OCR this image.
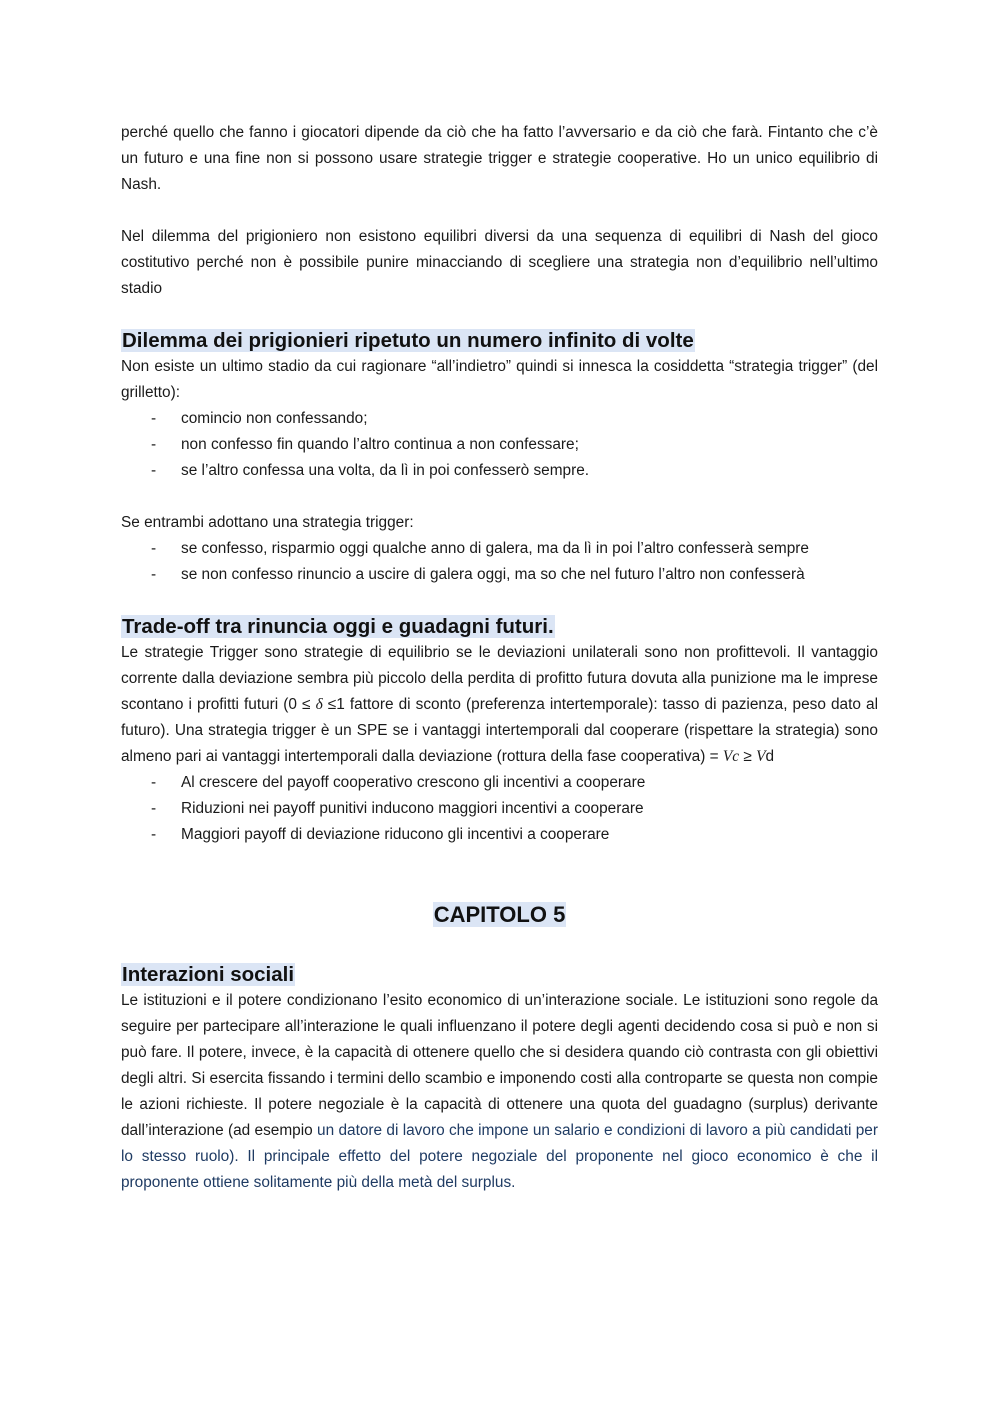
perché quello che fanno i giocatori dipende da ciò che ha fatto l’avversario e da ciò che farà. Fintanto che c’è un futuro e una fine non si possono usare strategie trigger e strategie cooperative. Ho un unico equilibrio di Nash.

Nel dilemma del prigioniero non esistono equilibri diversi da una sequenza di equilibri di Nash del gioco costitutivo perché non è possibile punire minacciando di scegliere una strategia non d’equilibrio nell’ultimo stadio

Dilemma dei prigionieri ripetuto un numero infinito di volte

Non esiste un ultimo stadio da cui ragionare “all’indietro” quindi si innesca la cosiddetta “strategia trigger” (del grilletto):

- comincio non confessando;
- non confesso fin quando l’altro continua a non confessare;
- se l’altro confessa una volta, da lì in poi confesserò sempre.

Se entrambi adottano una strategia trigger:

- se confesso, risparmio oggi qualche anno di galera, ma da lì in poi l’altro confesserà sempre
- se non confesso rinuncio a uscire di galera oggi, ma so che nel futuro l’altro non confesserà
Trade-off tra rinuncia oggi e guadagni futuri.

Le strategie Trigger sono strategie di equilibrio se le deviazioni unilaterali sono non profittevoli. Il vantaggio corrente dalla deviazione sembra più piccolo della perdita di profitto futura dovuta alla punizione ma le imprese scontano i profitti futuri (0 ≤ δ ≤1 fattore di sconto (preferenza intertemporale): tasso di pazienza, peso dato al futuro). Una strategia trigger è un SPE se i vantaggi intertemporali dal cooperare (rispettare la strategia) sono almeno pari ai vantaggi intertemporali dalla deviazione (rottura della fase cooperativa) = Vc ≥ Vd

- Al crescere del payoff cooperativo crescono gli incentivi a cooperare
- Riduzioni nei payoff punitivi inducono maggiori incentivi a cooperare
- Maggiori payoff di deviazione riducono gli incentivi a cooperare
CAPITOLO 5
Interazioni sociali

Le istituzioni e il potere condizionano l’esito economico di un’interazione sociale. Le istituzioni sono regole da seguire per partecipare all’interazione le quali influenzano il potere degli agenti decidendo cosa si può e non si può fare. Il potere, invece, è la capacità di ottenere quello che si desidera quando ciò contrasta con gli obiettivi degli altri. Si esercita fissando i termini dello scambio e imponendo costi alla controparte se questa non compie le azioni richieste. Il potere negoziale è la capacità di ottenere una quota del guadagno (surplus) derivante dall’interazione (ad esempio un datore di lavoro che impone un salario e condizioni di lavoro a più candidati per lo stesso ruolo). Il principale effetto del potere negoziale del proponente nel gioco economico è che il proponente ottiene solitamente più della metà del surplus.
